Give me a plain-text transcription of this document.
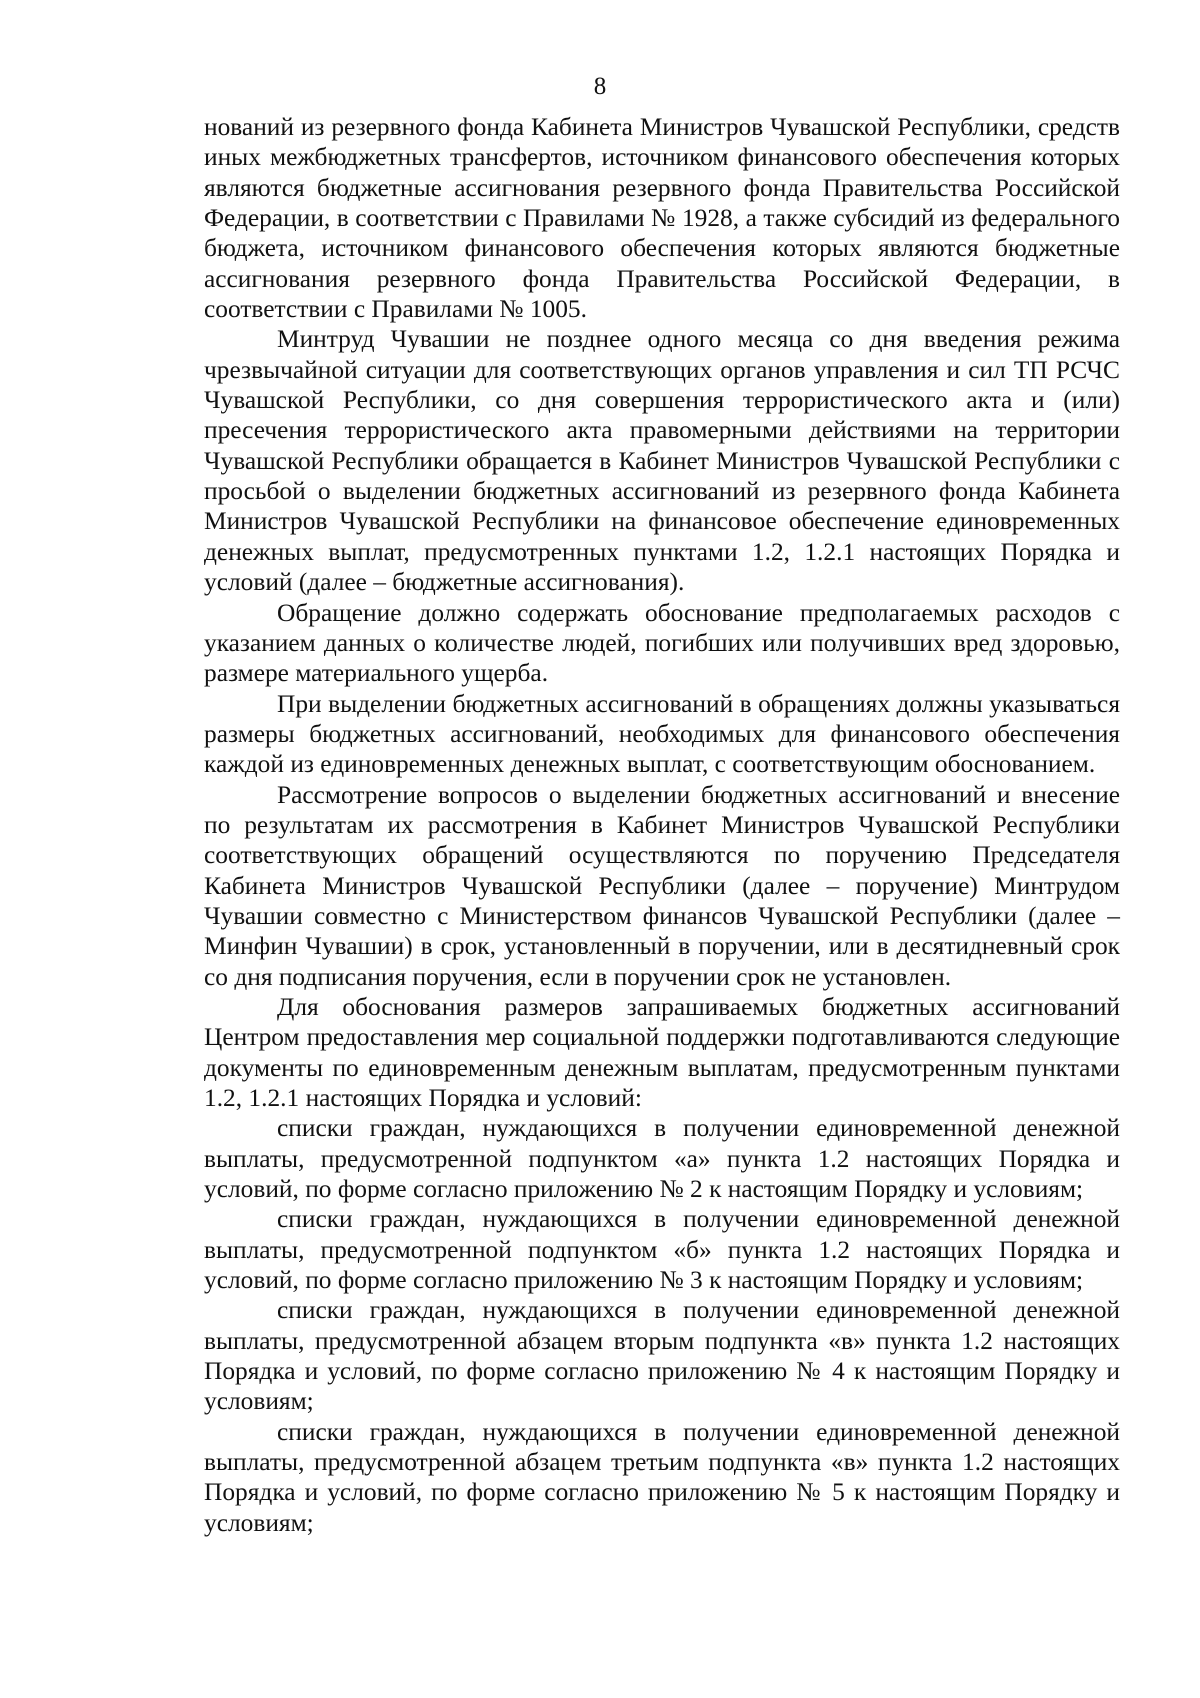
8

нований из резервного фонда Кабинета Министров Чувашской Республики, средств иных межбюджетных трансфертов, источником финансового обеспечения которых являются бюджетные ассигнования резервного фонда Правительства Российской Федерации, в соответствии с Правилами № 1928, а также субсидий из федерального бюджета, источником финансового обеспечения которых являются бюджетные ассигнования резервного фонда Правительства Российской Федерации, в соответствии с Правилами № 1005.

Минтруд Чувашии не позднее одного месяца со дня введения режима чрезвычайной ситуации для соответствующих органов управления и сил ТП РСЧС Чувашской Республики, со дня совершения террористического акта и (или) пресечения террористического акта правомерными действиями на территории Чувашской Республики обращается в Кабинет Министров Чувашской Республики с просьбой о выделении бюджетных ассигнований из резервного фонда Кабинета Министров Чувашской Республики на финансовое обеспечение единовременных денежных выплат, предусмотренных пунктами 1.2, 1.2.1 настоящих Порядка и условий (далее – бюджетные ассигнования).

Обращение должно содержать обоснование предполагаемых расходов с указанием данных о количестве людей, погибших или получивших вред здоровью, размере материального ущерба.

При выделении бюджетных ассигнований в обращениях должны указываться размеры бюджетных ассигнований, необходимых для финансового обеспечения каждой из единовременных денежных выплат, с соответствующим обоснованием.

Рассмотрение вопросов о выделении бюджетных ассигнований и внесение по результатам их рассмотрения в Кабинет Министров Чувашской Республики соответствующих обращений осуществляются по поручению Председателя Кабинета Министров Чувашской Республики (далее – поручение) Минтрудом Чувашии совместно с Министерством финансов Чувашской Республики (далее – Минфин Чувашии) в срок, установленный в поручении, или в десятидневный срок со дня подписания поручения, если в поручении срок не установлен.

Для обоснования размеров запрашиваемых бюджетных ассигнований Центром предоставления мер социальной поддержки подготавливаются следующие документы по единовременным денежным выплатам, предусмотренным пунктами 1.2, 1.2.1 настоящих Порядка и условий:

списки граждан, нуждающихся в получении единовременной денежной выплаты, предусмотренной подпунктом «а» пункта 1.2 настоящих Порядка и условий, по форме согласно приложению № 2 к настоящим Порядку и условиям;

списки граждан, нуждающихся в получении единовременной денежной выплаты, предусмотренной подпунктом «б» пункта 1.2 настоящих Порядка и условий, по форме согласно приложению № 3 к настоящим Порядку и условиям;

списки граждан, нуждающихся в получении единовременной денежной выплаты, предусмотренной абзацем вторым подпункта «в» пункта 1.2 настоящих Порядка и условий, по форме согласно приложению № 4 к настоящим Порядку и условиям;

списки граждан, нуждающихся в получении единовременной денежной выплаты, предусмотренной абзацем третьим подпункта «в» пункта 1.2 настоящих Порядка и условий, по форме согласно приложению № 5 к настоящим Порядку и условиям;
